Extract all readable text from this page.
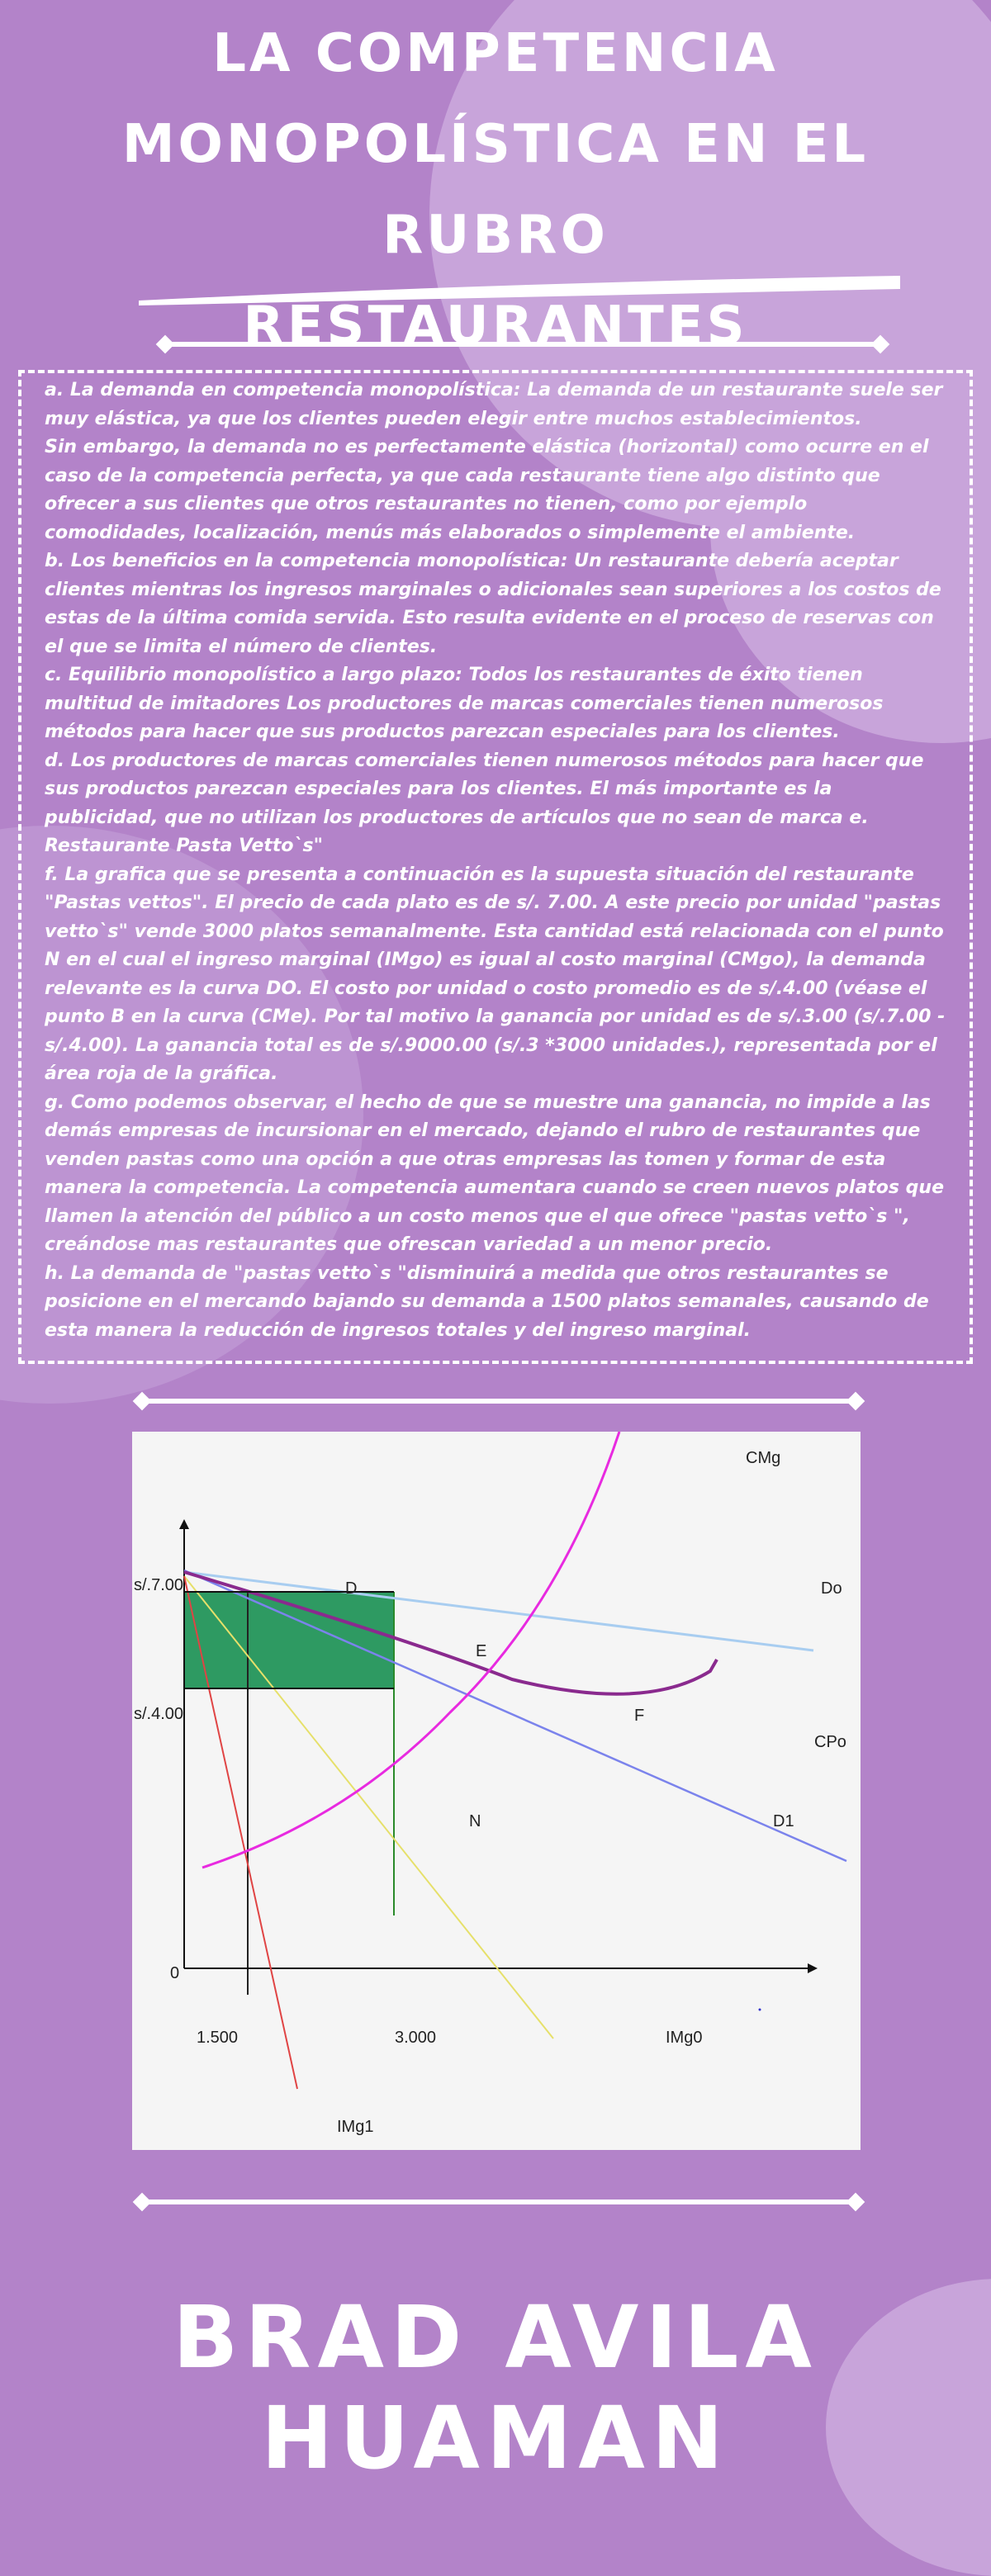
LA COMPETENCIA
MONOPOLÍSTICA EN EL RUBRO
RESTAURANTES

a. La demanda en competencia monopolística: La demanda de un restaurante suele ser muy elástica, ya que los clientes pueden elegir entre muchos establecimientos.

Sin embargo, la demanda no es perfectamente elástica (horizontal) como ocurre en el caso de la competencia perfecta, ya que cada restaurante tiene algo distinto que ofrecer a sus clientes que otros restaurantes no tienen, como por ejemplo comodidades, localización, menús más elaborados o simplemente el ambiente.

b. Los beneficios en la competencia monopolística: Un restaurante debería aceptar clientes mientras los ingresos marginales o adicionales sean superiores a los costos de estas de la última comida servida. Esto resulta evidente en el proceso de reservas con el que se limita el número de clientes.

c. Equilibrio monopolístico a largo plazo: Todos los restaurantes de éxito tienen multitud de imitadores Los productores de marcas comerciales tienen numerosos métodos para hacer que sus productos parezcan especiales para los clientes.

d. Los productores de marcas comerciales tienen numerosos métodos para hacer que sus productos parezcan especiales para los clientes. El más importante es la publicidad, que no utilizan los productores de artículos que no sean de marca e. Restaurante Pasta Vetto`s"

f. La grafica que se presenta a continuación es la supuesta situación del restaurante "Pastas vettos". El precio de cada plato es de s/. 7.00. A este precio por unidad "pastas vetto`s" vende 3000 platos semanalmente. Esta cantidad está relacionada con el punto N en el cual el ingreso marginal (IMgo) es igual al costo marginal (CMgo), la demanda relevante es la curva DO. El costo por unidad o costo promedio es de s/.4.00 (véase el punto B en la curva (CMe). Por tal motivo la ganancia por unidad es de s/.3.00 (s/.7.00 - s/.4.00). La ganancia total es de s/.9000.00 (s/.3 *3000 unidades.), representada por el área roja de la gráfica.

g. Como podemos observar, el hecho de que se muestre una ganancia, no impide a las demás empresas de incursionar en el mercado, dejando el rubro de restaurantes que venden pastas como una opción a que otras empresas las tomen y formar de esta manera la competencia. La competencia aumentara cuando se creen nuevos platos que llamen la atención del público a un costo menos que el que ofrece "pastas vetto`s ", creándose mas restaurantes que ofrescan variedad a un menor precio.

h. La demanda de "pastas vetto`s "disminuirá a medida que otros restaurantes se posicione en el mercando bajando su demanda a 1500 platos semanales, causando de esta manera la reducción de ingresos totales y del ingreso marginal.

CMg
Do
CPo
D1
D
E
F
N
IMg0
IMg1
s/.7.00
s/.4.00
0
1.500	3.000
BRAD AVILA HUAMAN
